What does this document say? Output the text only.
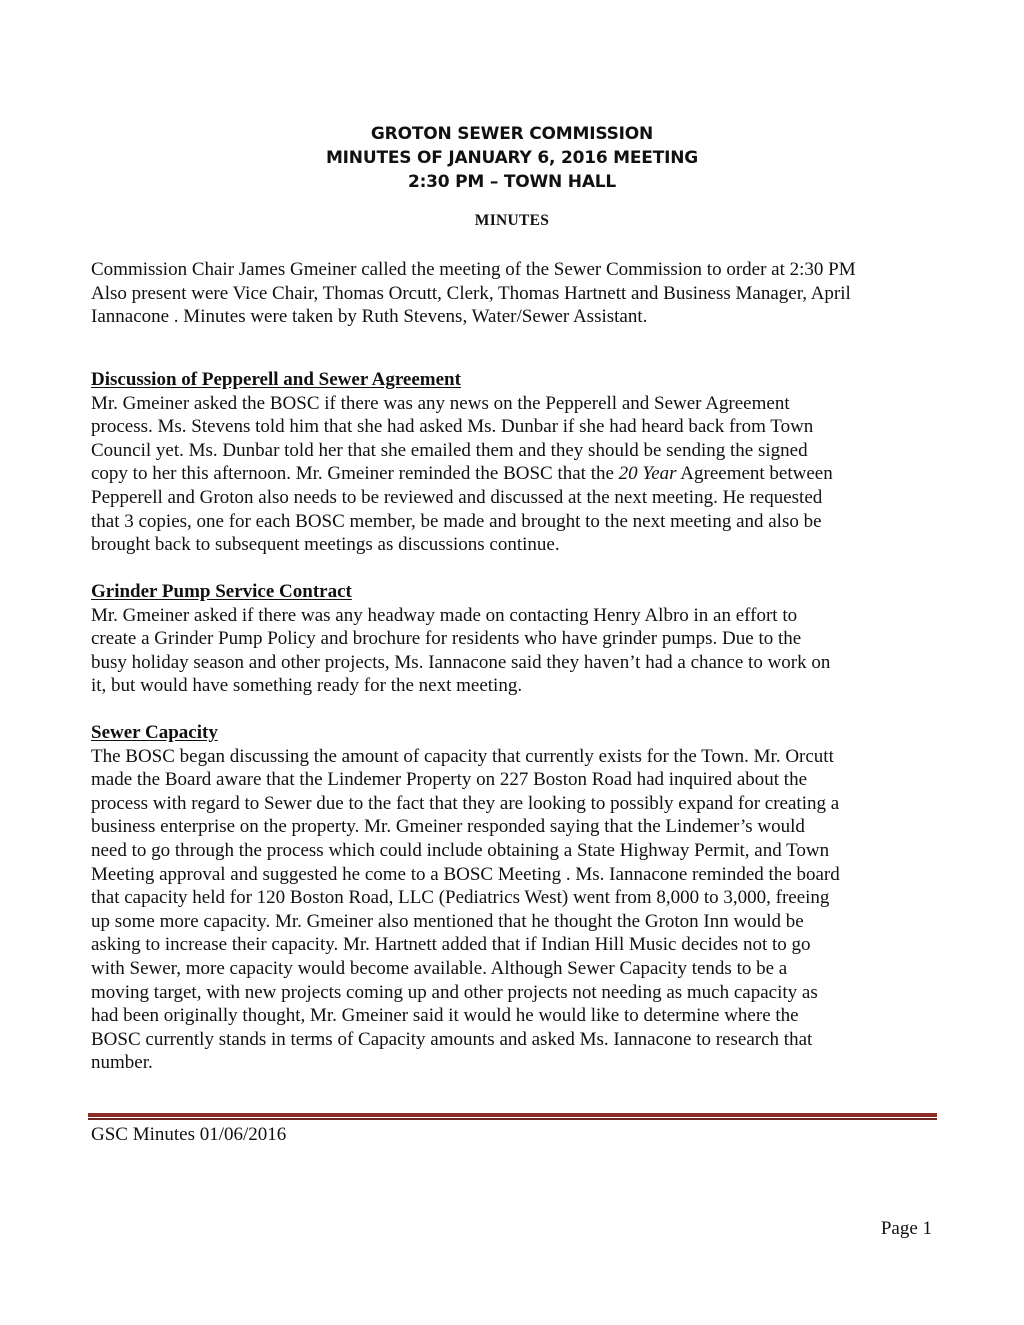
GROTON SEWER COMMISSION
MINUTES OF JANUARY 6, 2016 MEETING
2:30 PM – TOWN HALL
MINUTES

Commission Chair James Gmeiner called the meeting of the Sewer Commission to order at 2:30 PM

Also present were Vice Chair, Thomas Orcutt, Clerk, Thomas Hartnett and Business Manager, April

Iannacone . Minutes were taken by Ruth Stevens, Water/Sewer Assistant.

Discussion of Pepperell and Sewer Agreement

Mr. Gmeiner asked the BOSC if there was any news on the Pepperell and Sewer Agreement

process. Ms. Stevens told him that she had asked Ms. Dunbar if she had heard back from Town

Council yet. Ms. Dunbar told her that she emailed them and they should be sending the signed

copy to her this afternoon. Mr. Gmeiner reminded the BOSC that the 20 Year Agreement between

Pepperell and Groton also needs to be reviewed and discussed at the next meeting. He requested

that 3 copies, one for each BOSC member, be made and brought to the next meeting and also be

brought back to subsequent meetings as discussions continue.

Grinder Pump Service Contract

Mr. Gmeiner asked if there was any headway made on contacting Henry Albro in an effort to

create a Grinder Pump Policy and brochure for residents who have grinder pumps. Due to the

busy holiday season and other projects, Ms. Iannacone said they haven’t had a chance to work on

it, but would have something ready for the next meeting.

Sewer Capacity

The BOSC began discussing the amount of capacity that currently exists for the Town. Mr. Orcutt

made the Board aware that the Lindemer Property on 227 Boston Road had inquired about the

process with regard to Sewer due to the fact that they are looking to possibly expand for creating a

business enterprise on the property. Mr. Gmeiner responded saying that the Lindemer’s would

need to go through the process which could include obtaining a State Highway Permit, and Town

Meeting approval and suggested he come to a BOSC Meeting . Ms. Iannacone reminded the board

that capacity held for 120 Boston Road, LLC (Pediatrics West) went from 8,000 to 3,000, freeing

up some more capacity. Mr. Gmeiner also mentioned that he thought the Groton Inn would be

asking to increase their capacity. Mr. Hartnett added that if Indian Hill Music decides not to go

with Sewer, more capacity would become available. Although Sewer Capacity tends to be a

moving target, with new projects coming up and other projects not needing as much capacity as

had been originally thought, Mr. Gmeiner said it would he would like to determine where the

BOSC currently stands in terms of Capacity amounts and asked Ms. Iannacone to research that

number.

GSC Minutes 01/06/2016
Page 1
